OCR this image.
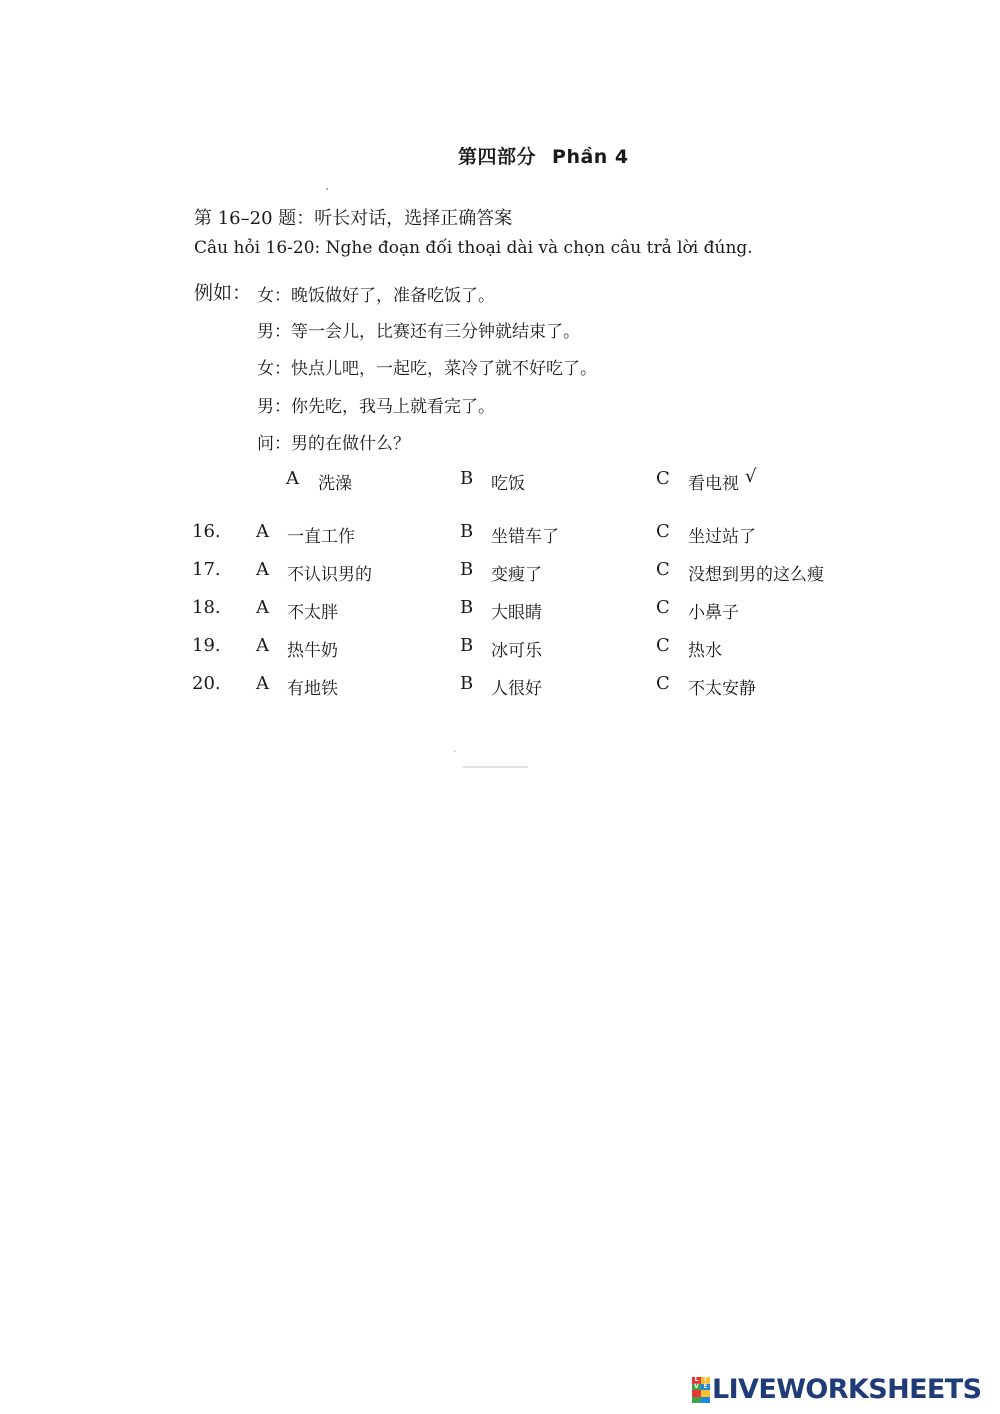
第四部分 Phần 4
第 16–20 题：听长对话，选择正确答案
Câu hỏi 16-20: Nghe đoạn đối thoại dài và chọn câu trả lời đúng.
例如： 女：晚饭做好了，准备吃饭了。
男：等一会儿，比赛还有三分钟就结束了。
女：快点儿吧，一起吃，菜冷了就不好吃了。
男：你先吃，我马上就看完了。
问：男的在做什么？
A 洗澡	B 吃饭	C 看电视 √
16. A 一直工作	B 坐错车了	C 坐过站了
17. A 不认识男的	B 变瘦了	C 没想到男的这么瘦
18. A 不太胖	B 大眼睛	C 小鼻子
19. A 热牛奶	B 冰可乐	C 热水
20. A 有地铁	B 人很好	C 不太安静
L I
V E LIVEWORKSHEETS
